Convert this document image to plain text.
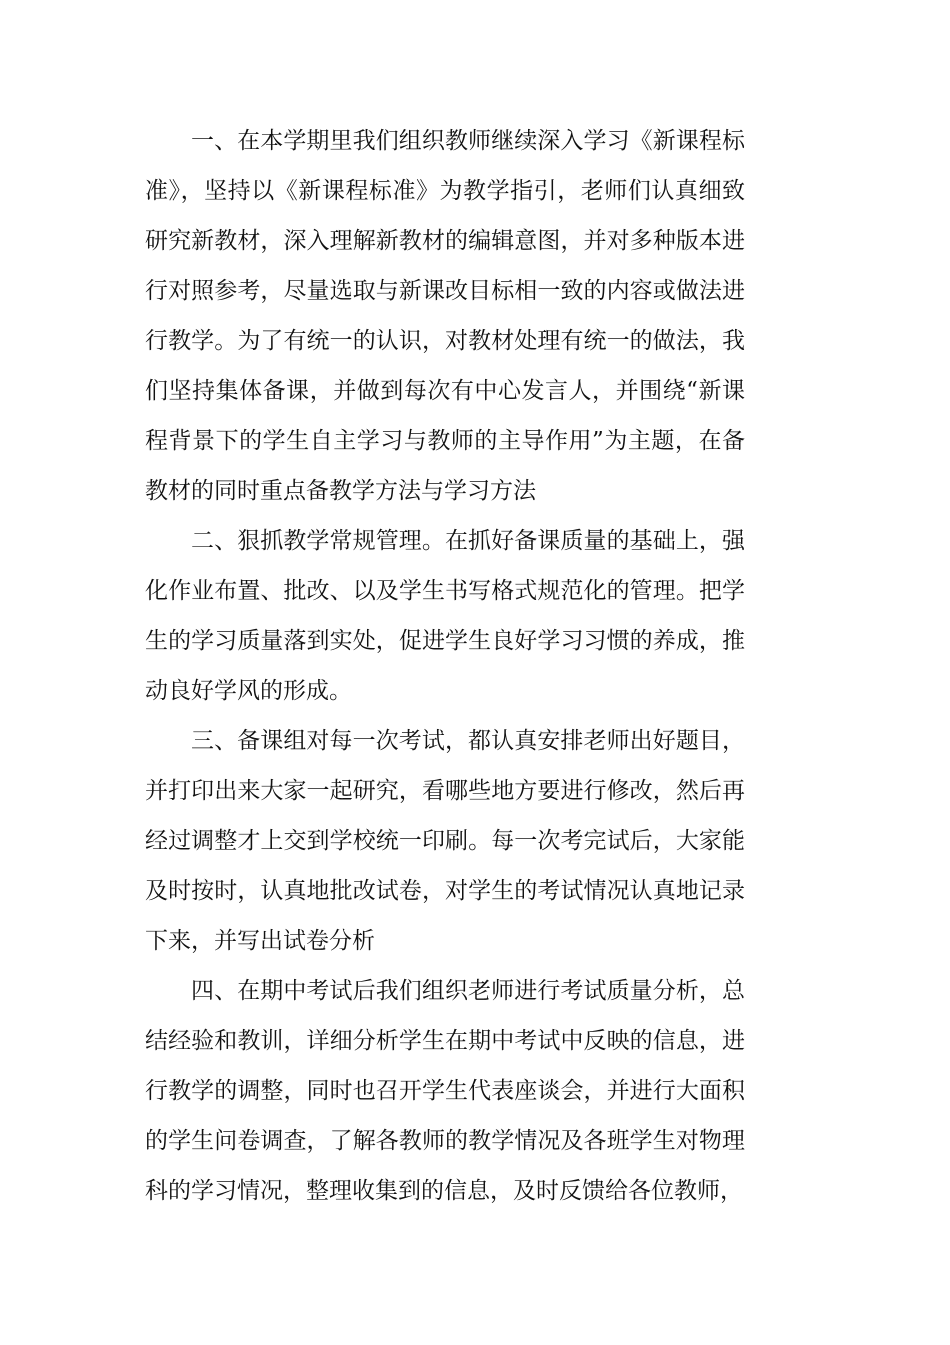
一、在本学期里我们组织教师继续深入学习《新课程标准》，坚持以《新课程标准》为教学指引，老师们认真细致研究新教材，深入理解新教材的编辑意图，并对多种版本进行对照参考，尽量选取与新课改目标相一致的内容或做法进行教学。为了有统一的认识，对教材处理有统一的做法，我们坚持集体备课，并做到每次有中心发言人，并围绕“新课程背景下的学生自主学习与教师的主导作用”为主题，在备教材的同时重点备教学方法与学习方法

二、狠抓教学常规管理。在抓好备课质量的基础上，强化作业布置、批改、以及学生书写格式规范化的管理。把学生的学习质量落到实处，促进学生良好学习习惯的养成，推动良好学风的形成。

三、备课组对每一次考试，都认真安排老师出好题目，并打印出来大家一起研究，看哪些地方要进行修改，然后再经过调整才上交到学校统一印刷。每一次考完试后，大家能及时按时，认真地批改试卷，对学生的考试情况认真地记录下来，并写出试卷分析

四、在期中考试后我们组织老师进行考试质量分析，总结经验和教训，详细分析学生在期中考试中反映的信息，进行教学的调整，同时也召开学生代表座谈会，并进行大面积的学生问卷调查，了解各教师的教学情况及各班学生对物理科的学习情况，整理收集到的信息，及时反馈给各位教师，
